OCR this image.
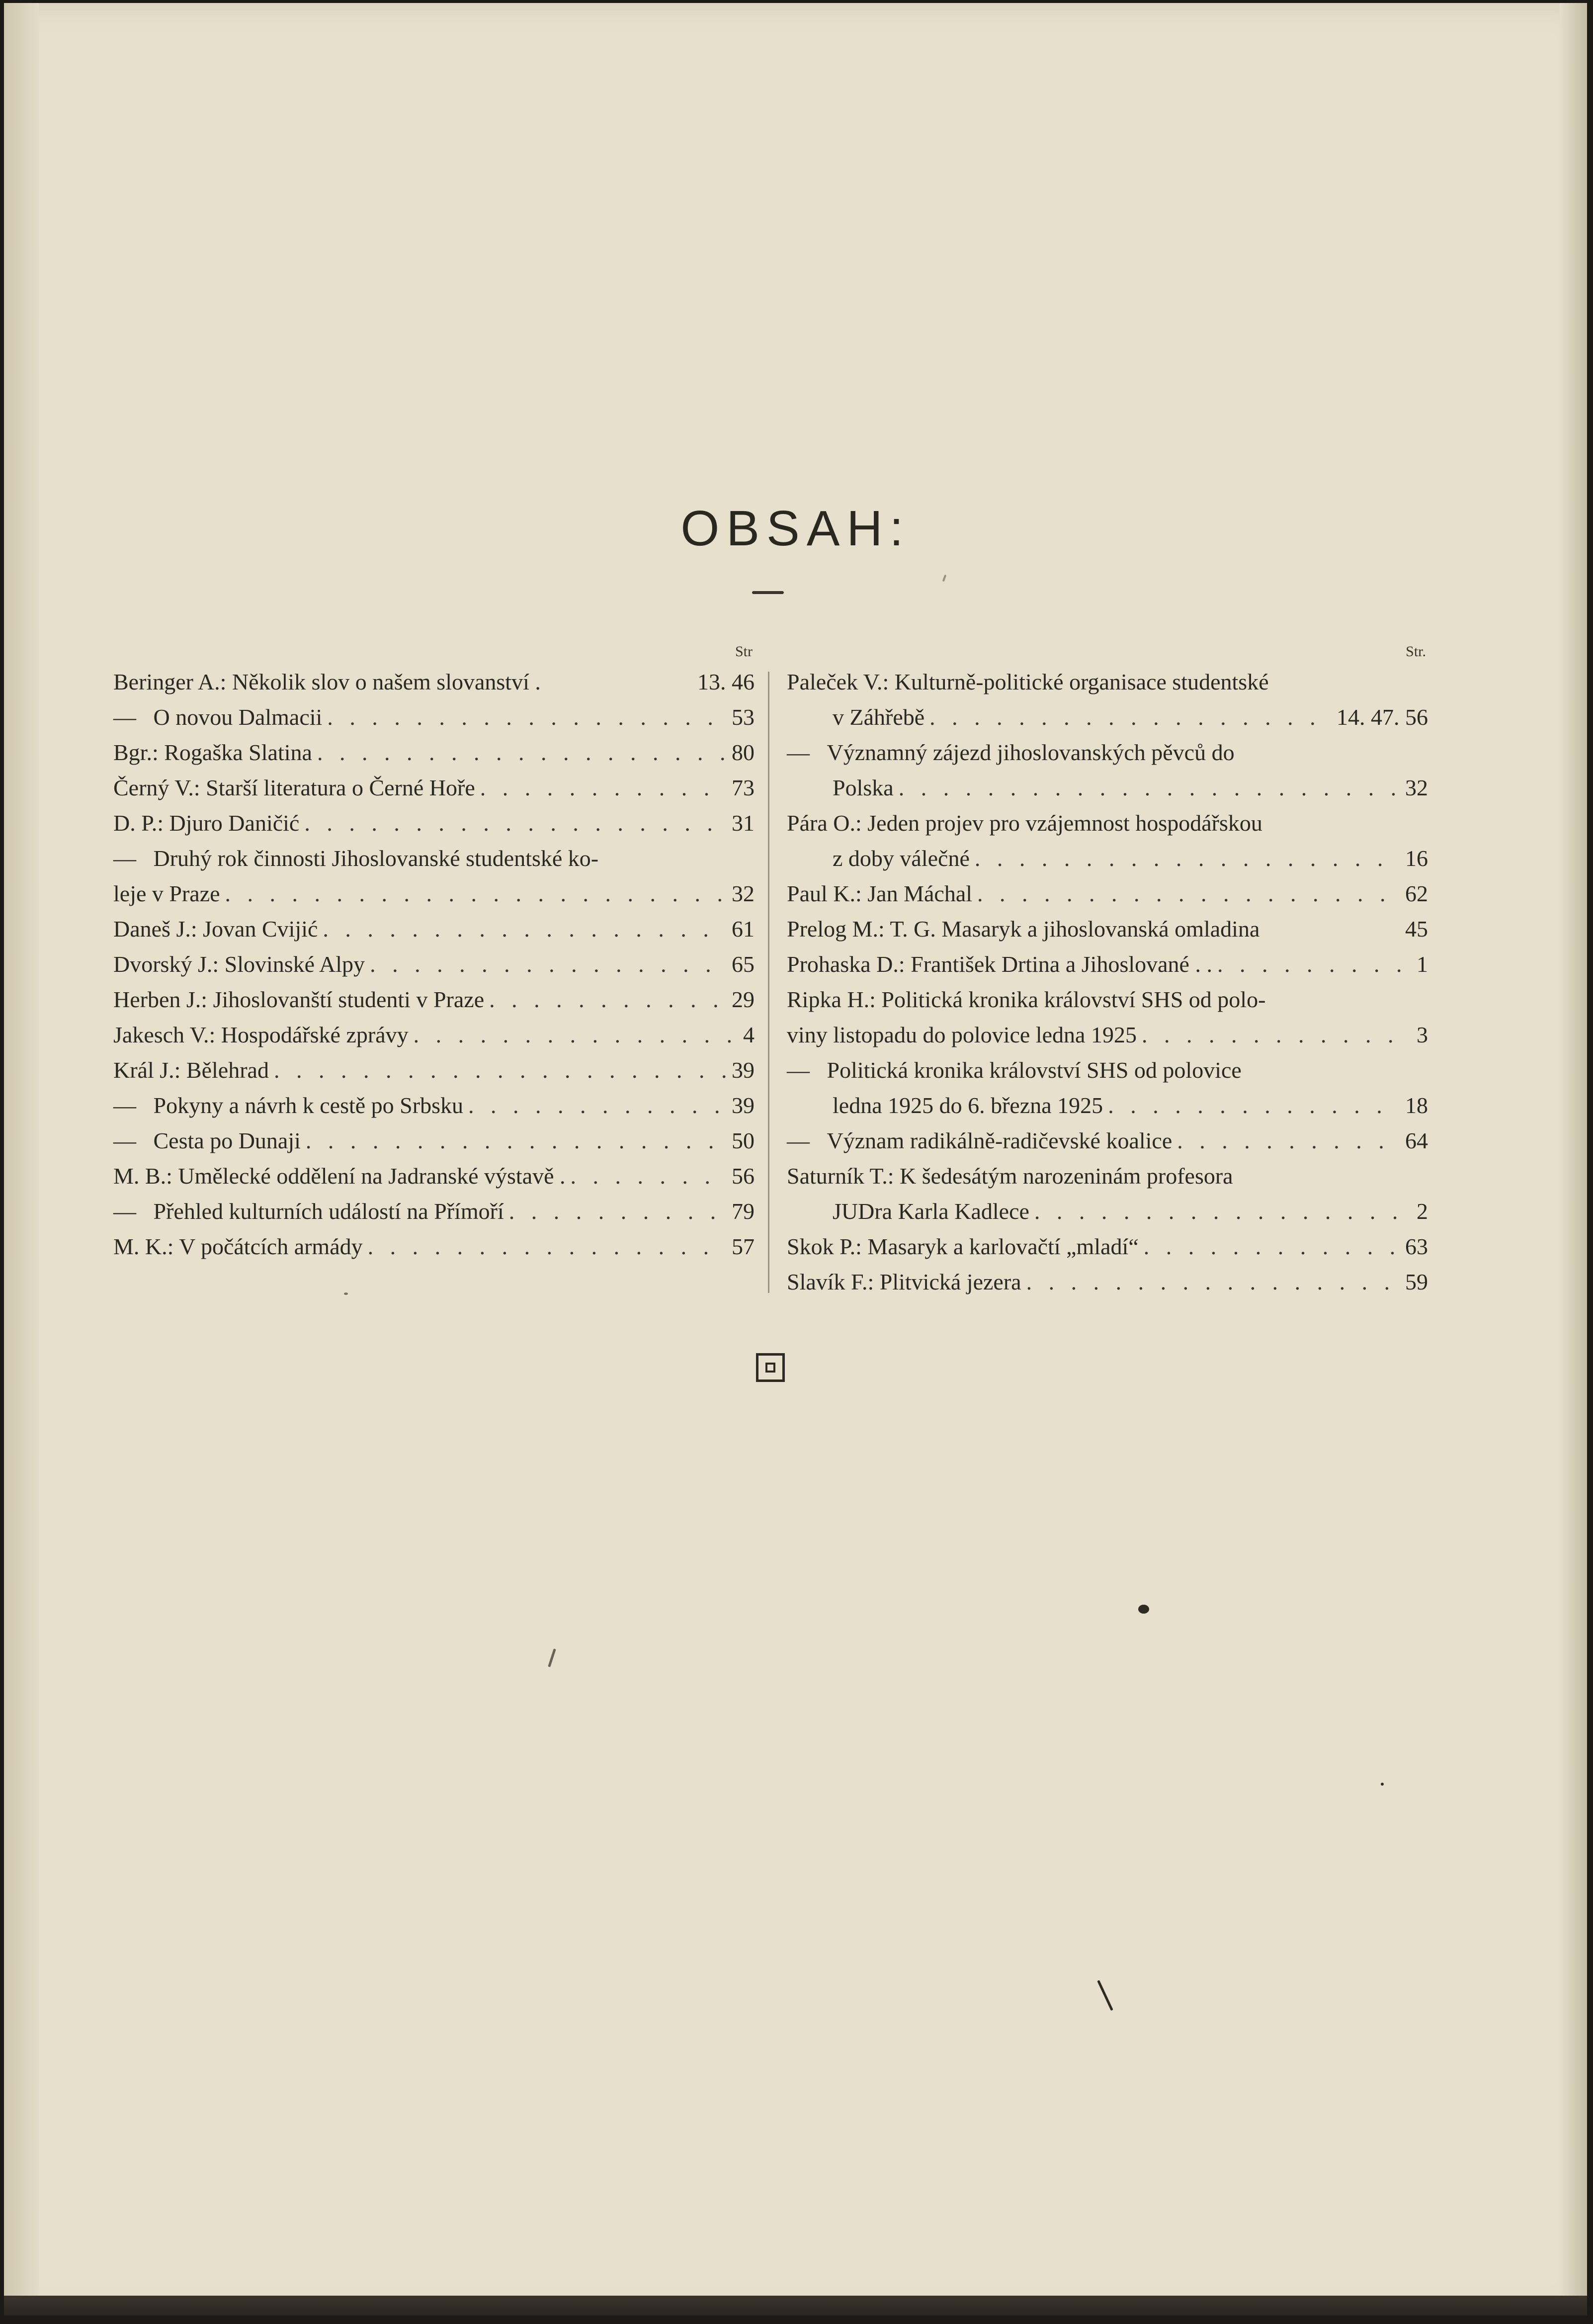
OBSAH:
Str
Beringer A.: Několik slov o našem slovanství .	13. 46
— O novou Dalmacii . . .	53
Bgr.: Rogaška Slatina . . .	80
Černý V.: Starší literatura o Černé Hoře . . .	73
D. P.: Djuro Daničić . . .	31
— Druhý rok činnosti Jihoslovanské studentské ko-
leje v Praze . . .	32
Daneš J.: Jovan Cvijić . . .	61
Dvorský J.: Slovinské Alpy . . .	65
Herben J.: Jihoslovanští studenti v Praze . . .	29
Jakesch V.: Hospodářské zprávy . . .	4
Král J.: Bělehrad . . .	39
— Pokyny a návrh k cestě po Srbsku . . .	39
— Cesta po Dunaji . . .	50
M. B.: Umělecké oddělení na Jadranské výstavě . . . .	56
— Přehled kulturních událostí na Přímoří . . .	79
M. K.: V počátcích armády . . .	57
Str.
Paleček V.: Kulturně-politické organisace studentské
v Záhřebě . . .	14. 47. 56
— Významný zájezd jihoslovanských pěvců do
Polska . . .	32
Pára O.: Jeden projev pro vzájemnost hospodářskou
z doby válečné . . .	16
Paul K.: Jan Máchal . . .	62
Prelog M.: T. G. Masaryk a jihoslovanská omladina	45
Prohaska D.: František Drtina a Jihoslované . . . . .	1
Ripka H.: Politická kronika království SHS od polo-
viny listopadu do polovice ledna 1925 . . .	3
— Politická kronika království SHS od polovice
ledna 1925 do 6. března 1925 . . .	18
— Význam radikálně-radičevské koalice . . .	64
Saturník T.: K šedesátým narozeninám profesora
JUDra Karla Kadlece . . .	2
Skok P.: Masaryk a karlovačtí „mladí“ . . .	63
Slavík F.: Plitvická jezera . . .	59
